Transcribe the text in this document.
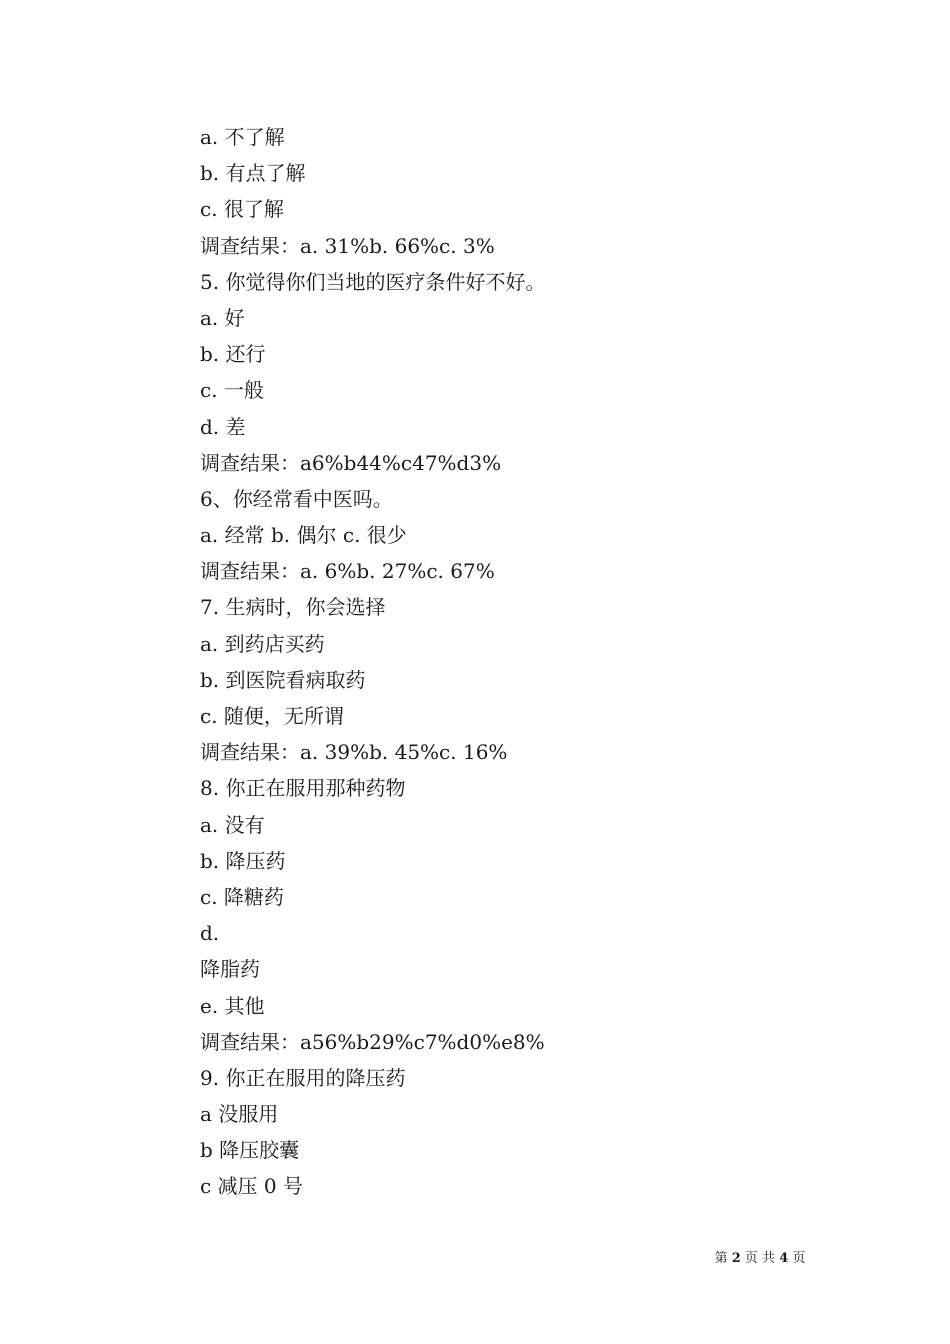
a. 不了解
b. 有点了解
c. 很了解
调查结果：a. 31%b. 66%c. 3%
5. 你觉得你们当地的医疗条件好不好。
a. 好
b. 还行
c. 一般
d. 差
调查结果：a6%b44%c47%d3%
6、你经常看中医吗。
a. 经常 b. 偶尔 c. 很少
调查结果：a. 6%b. 27%c. 67%
7. 生病时，你会选择
a. 到药店买药
b. 到医院看病取药
c. 随便，无所谓
调查结果：a. 39%b. 45%c. 16%
8. 你正在服用那种药物
a. 没有
b. 降压药
c. 降糖药
d.
降脂药
e. 其他
调查结果：a56%b29%c7%d0%e8%
9. 你正在服用的降压药
a 没服用
b 降压胶囊
c 减压 0 号
第 2 页 共 4 页
